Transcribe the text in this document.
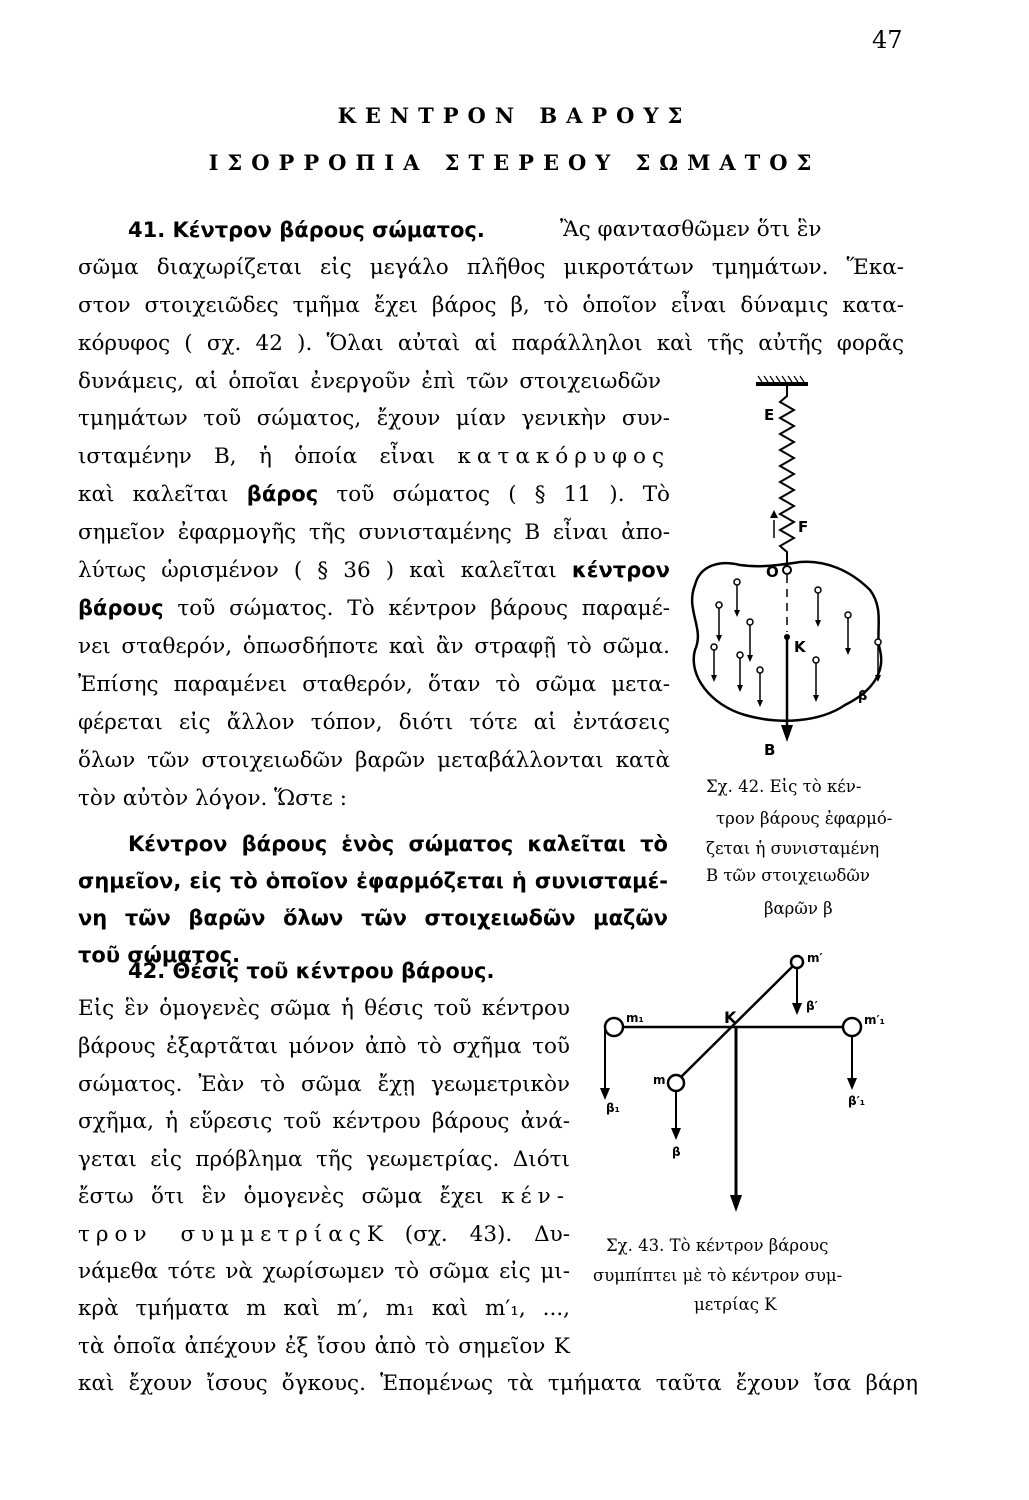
47
ΚΕΝΤΡΟΝ ΒΑΡΟΥΣ
ΙΣΟΡΡΟΠΙΑ ΣΤΕΡΕΟΥ ΣΩΜΑΤΟΣ
41. Κέντρον βάρους σώματος.	Ἂς φαντασθῶμεν ὅτι ἓν
σῶμα διαχωρίζεται εἰς μεγάλο πλῆθος μικροτάτων τμημάτων. Ἕκα-
στον στοιχειῶδες τμῆμα ἔχει βάρος β, τὸ ὁποῖον εἶναι δύναμις κατα-
κόρυφος ( σχ. 42 ). Ὅλαι αὐταὶ αἱ παράλληλοι καὶ τῆς αὐτῆς φορᾶς
δυνάμεις, αἱ ὁποῖαι ἐνεργοῦν ἐπὶ τῶν στοιχειωδῶν
τμημάτων τοῦ σώματος, ἔχουν μίαν γενικὴν συν-
ισταμένην Β, ἡ ὁποία εἶναι κατακόρυφος
καὶ καλεῖται βάρος τοῦ σώματος ( § 11 ). Τὸ
σημεῖον ἐφαρμογῆς τῆς συνισταμένης Β εἶναι ἀπο-
λύτως ὡρισμένον ( § 36 ) καὶ καλεῖται κέντρον
βάρους τοῦ σώματος. Τὸ κέντρον βάρους παραμέ-
νει σταθερόν, ὁπωσδήποτε καὶ ἂν στραφῇ τὸ σῶμα.
Ἐπίσης παραμένει σταθερόν, ὅταν τὸ σῶμα μετα-
φέρεται εἰς ἄλλον τόπον, διότι τότε αἱ ἐντάσεις
ὅλων τῶν στοιχειωδῶν βαρῶν μεταβάλλονται κατὰ
τὸν αὐτὸν λόγον. Ὥστε :
Κέντρον βάρους ἑνὸς σώματος καλεῖται τὸ
σημεῖον, εἰς τὸ ὁποῖον ἐφαρμόζεται ἡ συνισταμέ-
νη τῶν βαρῶν ὅλων τῶν στοιχειωδῶν μαζῶν
τοῦ σώματος.
E
F
O
K
B
β
Σχ. 42. Εἰς τὸ κέν-
τρον βάρους ἐφαρμό-
ζεται ἡ συνισταμένη
Β τῶν στοιχειωδῶν
βαρῶν β
42. Θέσις τοῦ κέντρου βάρους.
Εἰς ἓν ὁμογενὲς σῶμα ἡ θέσις τοῦ κέντρου
βάρους ἐξαρτᾶται μόνον ἀπὸ τὸ σχῆμα τοῦ
σώματος. Ἐὰν τὸ σῶμα ἔχῃ γεωμετρικὸν
σχῆμα, ἡ εὕρεσις τοῦ κέντρου βάρους ἀνά-
γεται εἰς πρόβλημα τῆς γεωμετρίας. Διότι
ἔστω ὅτι ἓν ὁμογενὲς σῶμα ἔχει κέν-
τρον συμμετρίαςΚ (σχ. 43). Δυ-
νάμεθα τότε νὰ χωρίσωμεν τὸ σῶμα εἰς μι-
κρὰ τμήματα m καὶ m′, m₁ καὶ m′₁, ...,
τὰ ὁποῖα ἀπέχουν ἐξ ἴσου ἀπὸ τὸ σημεῖον Κ
καὶ ἔχουν ἴσους ὄγκους. Ἑπομένως τὰ τμήματα ταῦτα ἔχουν ἴσα βάρη
m′
β′
K
m₁	m′₁
m
β₁	β′₁
β
Σχ. 43. Τὸ κέντρον βάρους
συμπίπτει μὲ τὸ κέντρον συμ-
μετρίας Κ
